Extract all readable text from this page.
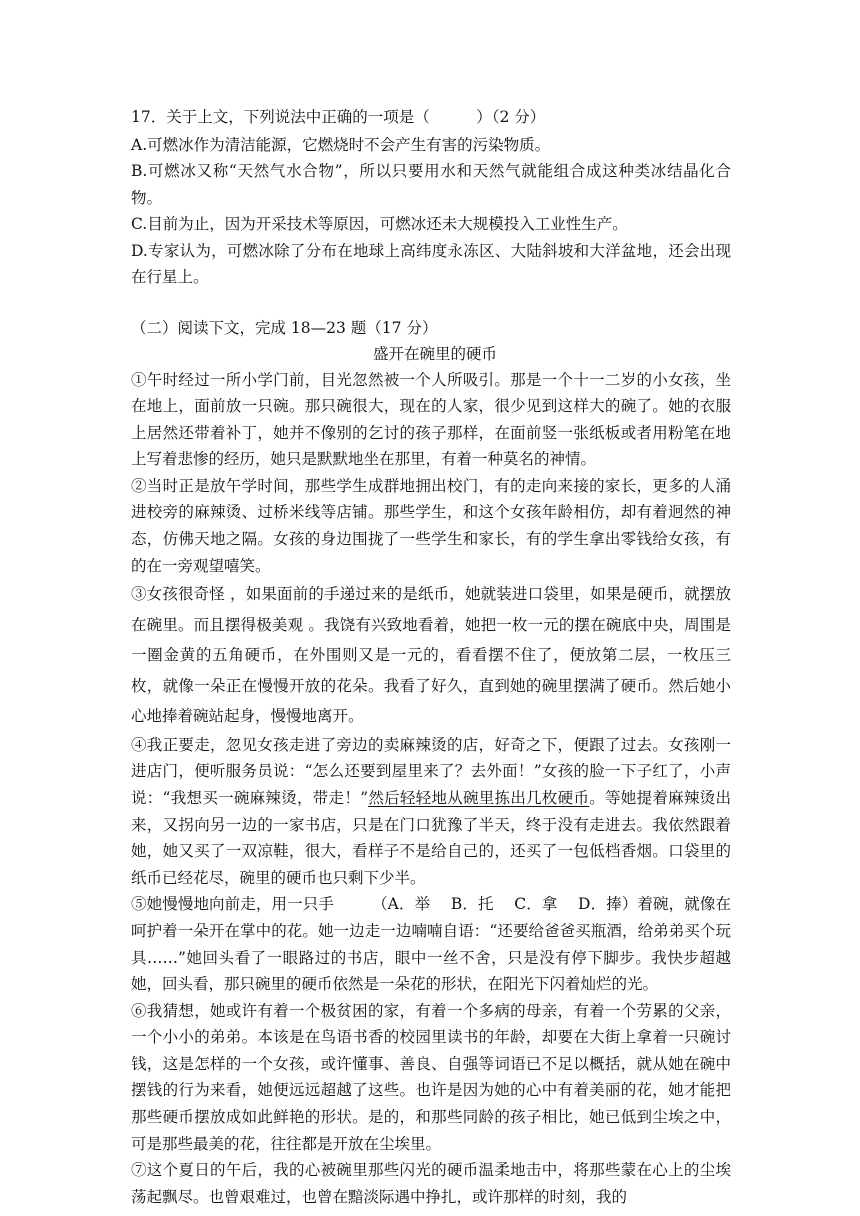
17．关于上文，下列说法中正确的一项是（　　　）（2 分）

A.可燃冰作为清洁能源，它燃烧时不会产生有害的污染物质。

B.可燃冰又称“天然气水合物”，所以只要用水和天然气就能组合成这种类冰结晶化合物。

C.目前为止，因为开采技术等原因，可燃冰还未大规模投入工业性生产。

D.专家认为，可燃冰除了分布在地球上高纬度永冻区、大陆斜坡和大洋盆地，还会出现在行星上。

（二）阅读下文，完成 18—23 题（17 分）

盛开在碗里的硬币

①午时经过一所小学门前，目光忽然被一个人所吸引。那是一个十一二岁的小女孩，坐在地上，面前放一只碗。那只碗很大，现在的人家，很少见到这样大的碗了。她的衣服上居然还带着补丁，她并不像别的乞讨的孩子那样，在面前竖一张纸板或者用粉笔在地上写着悲惨的经历，她只是默默地坐在那里，有着一种莫名的神情。

②当时正是放午学时间，那些学生成群地拥出校门，有的走向来接的家长，更多的人涌进校旁的麻辣烫、过桥米线等店铺。那些学生，和这个女孩年龄相仿，却有着迥然的神态，仿佛天地之隔。女孩的身边围拢了一些学生和家长，有的学生拿出零钱给女孩，有的在一旁观望嘻笑。

③女孩很奇怪 ，如果面前的手递过来的是纸币，她就装进口袋里，如果是硬币，就摆放在碗里。而且摆得极美观 。我饶有兴致地看着，她把一枚一元的摆在碗底中央，周围是一圈金黄的五角硬币，在外围则又是一元的，看看摆不住了，便放第二层，一枚压三枚，就像一朵正在慢慢开放的花朵。我看了好久，直到她的碗里摆满了硬币。然后她小心地捧着碗站起身，慢慢地离开。

④我正要走，忽见女孩走进了旁边的卖麻辣烫的店，好奇之下，便跟了过去。女孩刚一进店门，便听服务员说：“怎么还要到屋里来了？去外面！”女孩的脸一下子红了，小声说：“我想买一碗麻辣烫，带走！”然后轻轻地从碗里拣出几枚硬币。等她提着麻辣烫出来，又拐向另一边的一家书店，只是在门口犹豫了半天，终于没有走进去。我依然跟着她，她又买了一双凉鞋，很大，看样子不是给自己的，还买了一包低档香烟。口袋里的纸币已经花尽，碗里的硬币也只剩下少半。

⑤她慢慢地向前走，用一只手 （A．举　 B．托　 C．拿　 D．捧）着碗，就像在呵护着一朵开在掌中的花。她一边走一边喃喃自语：“还要给爸爸买瓶酒，给弟弟买个玩具……”她回头看了一眼路过的书店，眼中一丝不舍，只是没有停下脚步。我快步超越她，回头看，那只碗里的硬币依然是一朵花的形状，在阳光下闪着灿烂的光。

⑥我猜想，她或许有着一个极贫困的家，有着一个多病的母亲，有着一个劳累的父亲，一个小小的弟弟。本该是在鸟语书香的校园里读书的年龄，却要在大街上拿着一只碗讨钱，这是怎样的一个女孩，或许懂事、善良、自强等词语已不足以概括，就从她在碗中摆钱的行为来看，她便远远超越了这些。也许是因为她的心中有着美丽的花，她才能把那些硬币摆放成如此鲜艳的形状。是的，和那些同龄的孩子相比，她已低到尘埃之中，可是那些最美的花，往往都是开放在尘埃里。

⑦这个夏日的午后，我的心被碗里那些闪光的硬币温柔地击中，将那些蒙在心上的尘埃荡起飘尽。也曾艰难过，也曾在黯淡际遇中挣扎，或许那样的时刻，我的
